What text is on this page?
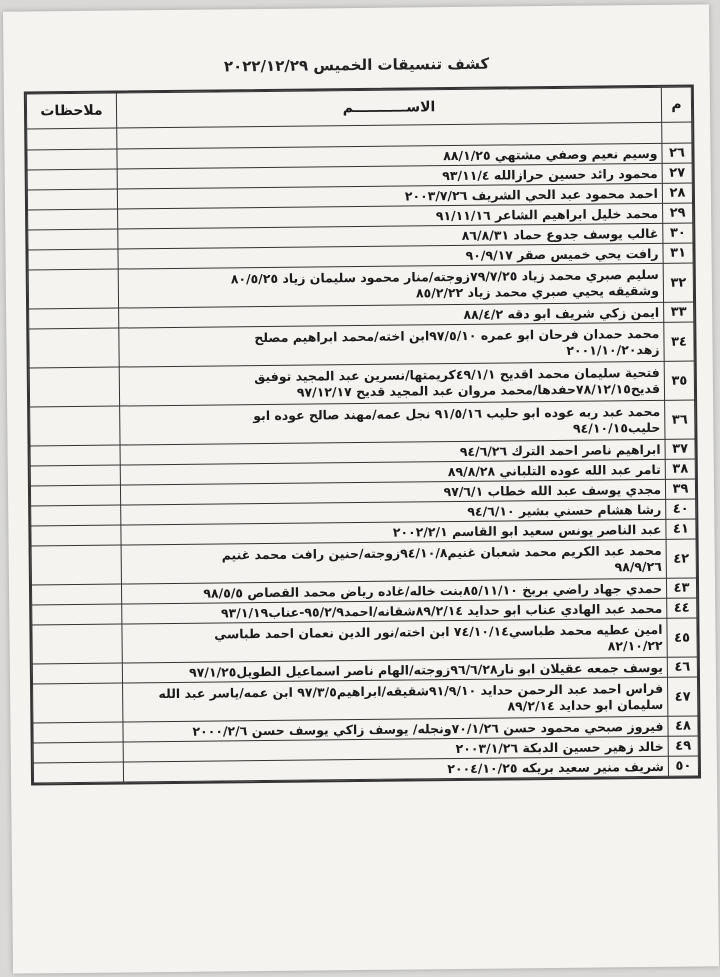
كشف تنسيقات الخميس ٢٠٢٢/١٢/٢٩
م	الاســـــــــــم	ملاحظات

٢٦	وسيم نعيم وصفي مشتهي ٨٨/١/٢٥	
٢٧	محمود رائد حسين حرازالله ٩٣/١١/٤	
٢٨	احمد محمود عبد الحي الشريف ٢٠٠٣/٧/٢٦	
٢٩	محمد خليل ابراهيم الشاعر ٩١/١١/١٦	
٣٠	غالب يوسف جدوع حماد ٨٦/٨/٣١	
٣١	رافت يحي خميس صقر ٩٠/٩/١٧	
٣٢	سليم صبري محمد زياد ٧٩/٧/٢٥زوجته/منار محمود سليمان زياد ٨٠/٥/٢٥
وشقيقه يحيي صبري محمد زياد ٨٥/٢/٢٢	
٣٣	ايمن زكي شريف ابو دقه ٨٨/٤/٢	
٣٤	محمد حمدان فرحان ابو عمره ٩٧/٥/١٠ابن اخته/محمد ابراهيم مصلح
زهد٢٠٠١/١٠/٢٠	
٣٥	فتحية سليمان محمد اقديح ٤٩/١/١كريمتها/نسرين عبد المجيد توفيق
قديح٧٨/١٢/١٥حفدها/محمد مروان عبد المجيد قديح ٩٧/١٢/١٧	
٣٦	محمد عبد ربه عوده ابو حليب ٩١/٥/١٦ نجل عمه/مهند صالح عوده ابو
حليب٩٤/١٠/١٥	
٣٧	ابراهيم ناصر احمد الترك ٩٤/٦/٢٦	
٣٨	تامر عبد الله عوده التلباني ٨٩/٨/٢٨	
٣٩	مجدي يوسف عبد الله خطاب ٩٧/٦/١	
٤٠	رشا هشام حسني بشير ٩٤/٦/١٠	
٤١	عبد الناصر يونس سعيد ابو القاسم ٢٠٠٢/٢/١	
٤٢	محمد عبد الكريم محمد شعبان غنيم٩٤/١٠/٨زوجته/حنين رافت محمد غنيم
٩٨/٩/٢٦	
٤٣	حمدي جهاد راضي بربخ ٨٥/١١/١٠بنت خاله/غاده رياض محمد القصاص ٩٨/٥/٥	
٤٤	محمد عبد الهادي عناب ابو حدايد ٨٩/٢/١٤شقانه/احمد٩٥/٢/٩-عناب٩٣/١/١٩	
٤٥	امين عطيه محمد طباسي٧٤/١٠/١٤ ابن اخته/نور الدين نعمان احمد طباسي
٨٢/١٠/٢٢	
٤٦	يوسف جمعه عقيلان ابو نار٩٦/٦/٢٨زوجته/الهام ناصر اسماعيل الطويل٩٧/١/٢٥	
٤٧	فراس احمد عبد الرحمن حدايد ٩١/٩/١٠شقيقه/ابراهيم٩٧/٣/٥ ابن عمه/ياسر عبد الله
سليمان ابو حدايد ٨٩/٢/١٤	
٤٨	فيروز صبحي محمود حسن ٧٠/١/٢٦ونجله/ يوسف زاكي يوسف حسن ٢٠٠٠/٢/٦	
٤٩	خالد زهير حسين الدبكة ٢٠٠٣/١/٢٦	
٥٠	شريف منير سعيد بريكه ٢٠٠٤/١٠/٢٥	
